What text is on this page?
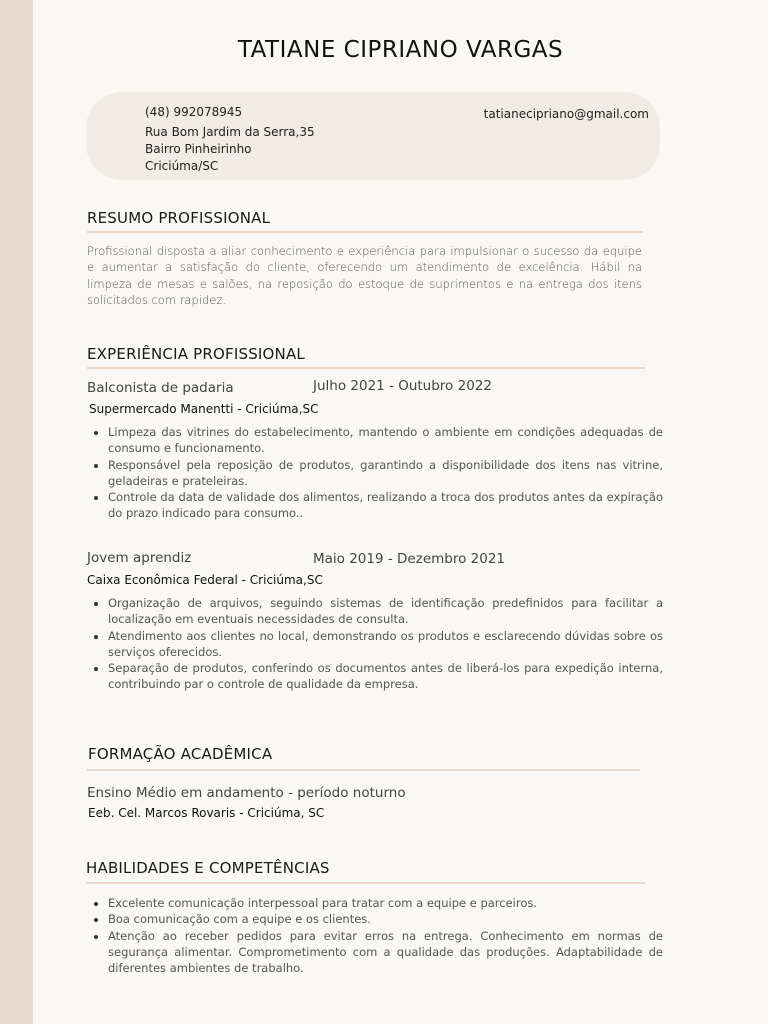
TATIANE CIPRIANO VARGAS
(48) 992078945
Rua Bom Jardim da Serra,35
Bairro Pinheirinho
Criciúma/SC
tatianecipriano@gmail.com
RESUMO PROFISSIONAL
Profissional disposta a aliar conhecimento e experiência para impulsionar o sucesso da equipe e aumentar a satisfação do cliente, oferecendo um atendimento de excelência. Hábil na limpeza de mesas e salões, na reposição do estoque de suprimentos e na entrega dos itens solicitados com rapidez.
EXPERIÊNCIA PROFISSIONAL
Balconista de padaria	Julho 2021 - Outubro 2022
Supermercado Manentti - Criciúma,SC
• Limpeza das vitrines do estabelecimento, mantendo o ambiente em condições adequadas de consumo e funcionamento.
• Responsável pela reposição de produtos, garantindo a disponibilidade dos itens nas vitrine, geladeiras e prateleiras.
• Controle da data de validade dos alimentos, realizando a troca dos produtos antes da expiração do prazo indicado para consumo..
Jovem aprendiz	Maio 2019 - Dezembro 2021
Caixa Econômica Federal - Criciúma,SC
• Organização de arquivos, seguindo sistemas de identificação predefinidos para facilitar a localização em eventuais necessidades de consulta.
• Atendimento aos clientes no local, demonstrando os produtos e esclarecendo dúvidas sobre os serviços oferecidos.
• Separação de produtos, conferindo os documentos antes de liberá-los para expedição interna, contribuindo par o controle de qualidade da empresa.
FORMAÇÃO ACADÊMICA
Ensino Médio em andamento - período noturno
Eeb. Cel. Marcos Rovaris - Criciúma, SC
HABILIDADES E COMPETÊNCIAS
• Excelente comunicação interpessoal para tratar com a equipe e parceiros.
• Boa comunicação com a equipe e os clientes.
• Atenção ao receber pedidos para evitar erros na entrega. Conhecimento em normas de segurança alimentar. Comprometimento com a qualidade das produções. Adaptabilidade de diferentes ambientes de trabalho.
